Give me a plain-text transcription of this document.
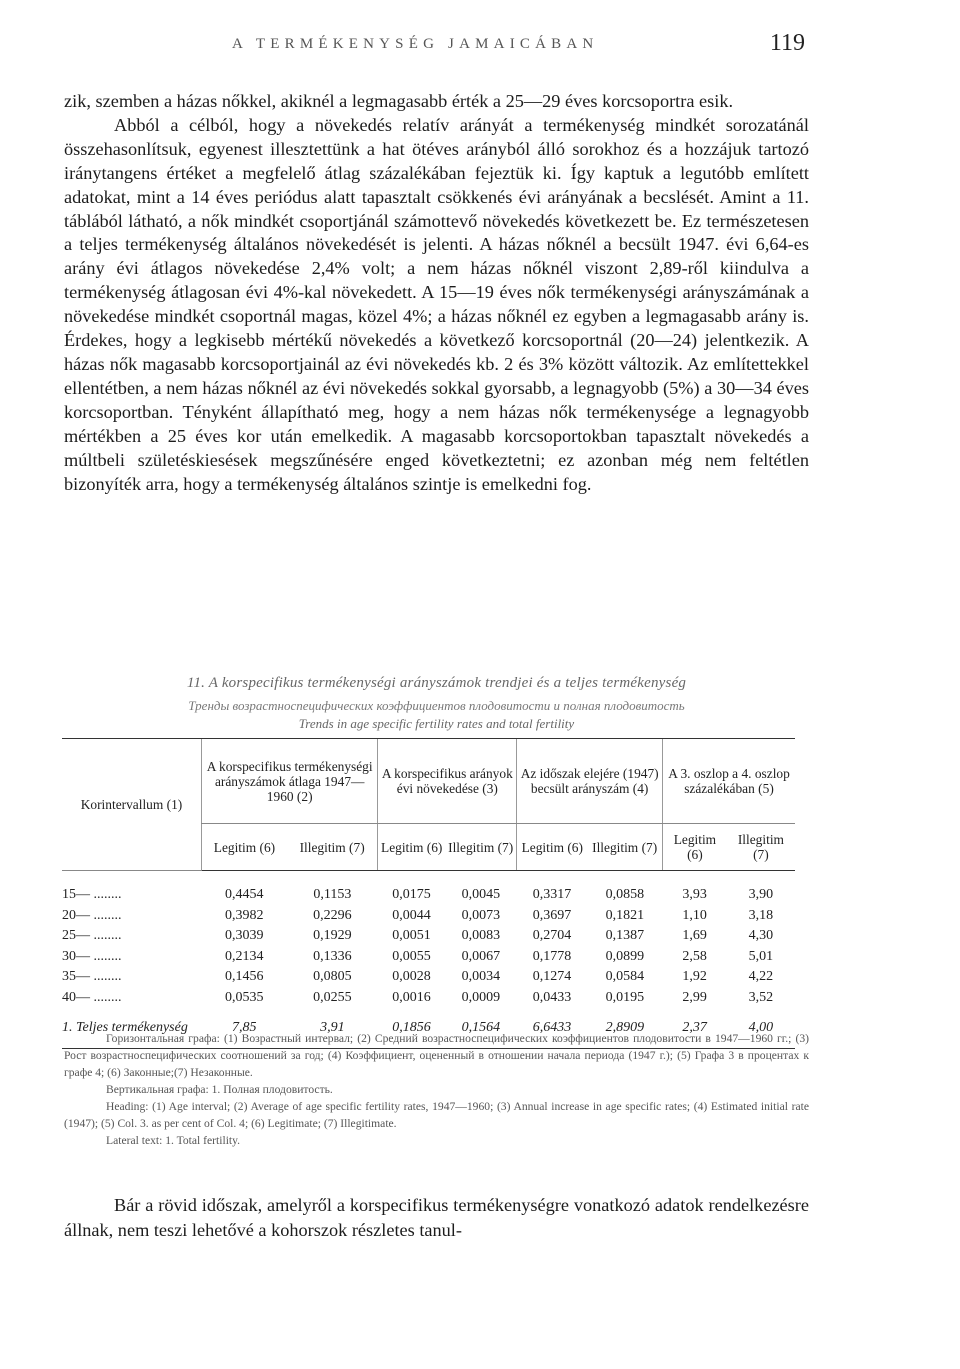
A TERMÉKENYSÉG JAMAICÁBAN	119

zik, szemben a házas nőkkel, akiknél a legmagasabb érték a 25—29 éves korcsoportra esik.

Abból a célból, hogy a növekedés relatív arányát a termékenység mindkét sorozatánál összehasonlítsuk, egyenest illesztettünk a hat ötéves arányból álló sorokhoz és a hozzájuk tartozó iránytangens értéket a megfelelő átlag százalékában fejeztük ki. Így kaptuk a legutóbb említett adatokat, mint a 14 éves periódus alatt tapasztalt csökkenés évi arányának a becslését. Amint a 11. táblából látható, a nők mindkét csoportjánál számottevő növekedés következett be. Ez természetesen a teljes termékenység általános növekedését is jelenti. A házas nőknél a becsült 1947. évi 6,64-es arány évi átlagos növekedése 2,4% volt; a nem házas nőknél viszont 2,89-ről kiindulva a termékenység átlagosan évi 4%-kal növekedett. A 15—19 éves nők termékenységi arányszámának a növekedése mindkét csoportnál magas, közel 4%; a házas nőknél ez egyben a legmagasabb arány is. Érdekes, hogy a legkisebb mértékű növekedés a következő korcsoportnál (20—24) jelentkezik. A házas nők magasabb korcsoportjainál az évi növekedés kb. 2 és 3% között változik. Az említettekkel ellentétben, a nem házas nőknél az évi növekedés sokkal gyorsabb, a legnagyobb (5%) a 30—34 éves korcsoportban. Tényként állapítható meg, hogy a nem házas nők termékenysége a legnagyobb mértékben a 25 éves kor után emelkedik. A magasabb korcsoportokban tapasztalt növekedés a múltbeli születéskiesések megszűnésére enged következtetni; ez azonban még nem feltétlen bizonyíték arra, hogy a termékenység általános szintje is emelkedni fog.

11. A korspecifikus termékenységi arányszámok trendjei és a teljes termékenység
Тренды возрастноспецифических коэффициентов плодовитости и полная плодовитость
Trends in age specific fertility rates and total fertility
Korintervallum (1)	A korspecifikus termékenységi arányszámok átlaga 1947—1960 (2)		A korspecifikus arányok évi növekedése (3)		Az időszak elejére (1947) becsült arányszám (4)		A 3. oszlop a 4. oszlop százalékában (5)	
	Legitim (6)	Illegitim (7)	Legitim (6)	Illegitim (7)	Legitim (6)	Illegitim (7)	Legitim (6)	Illegitim (7)

15— ........	0,4454	0,1153	0,0175	0,0045	0,3317	0,0858	3,93	3,90
20— ........	0,3982	0,2296	0,0044	0,0073	0,3697	0,1821	1,10	3,18
25— ........	0,3039	0,1929	0,0051	0,0083	0,2704	0,1387	1,69	4,30
30— ........	0,2134	0,1336	0,0055	0,0067	0,1778	0,0899	2,58	5,01
35— ........	0,1456	0,0805	0,0028	0,0034	0,1274	0,0584	1,92	4,22
40— ........	0,0535	0,0255	0,0016	0,0009	0,0433	0,0195	2,99	3,52
1. Teljes termékenység	7,85	3,91	0,1856	0,1564	6,6433	2,8909	2,37	4,00

Горизонтальная графа: (1) Возрастный интервал; (2) Средний возрастноспецифических коэффициентов плодовитости в 1947—1960 гг.; (3) Рост возрастноспецифических соотношений за год; (4) Коэффициент, оцененный в отношении начала периода (1947 г.); (5) Графа 3 в процентах к графе 4; (6) Законные;(7) Незаконные.

Вертикальная графа: 1. Полная плодовитость.

Heading: (1) Age interval; (2) Average of age specific fertility rates, 1947—1960; (3) Annual increase in age specific rates; (4) Estimated initial rate (1947); (5) Col. 3. as per cent of Col. 4; (6) Legitimate; (7) Illegitimate.

Lateral text: 1. Total fertility.

Bár a rövid időszak, amelyről a korspecifikus termékenységre vonatkozó adatok rendelkezésre állnak, nem teszi lehetővé a kohorszok részletes tanul-
